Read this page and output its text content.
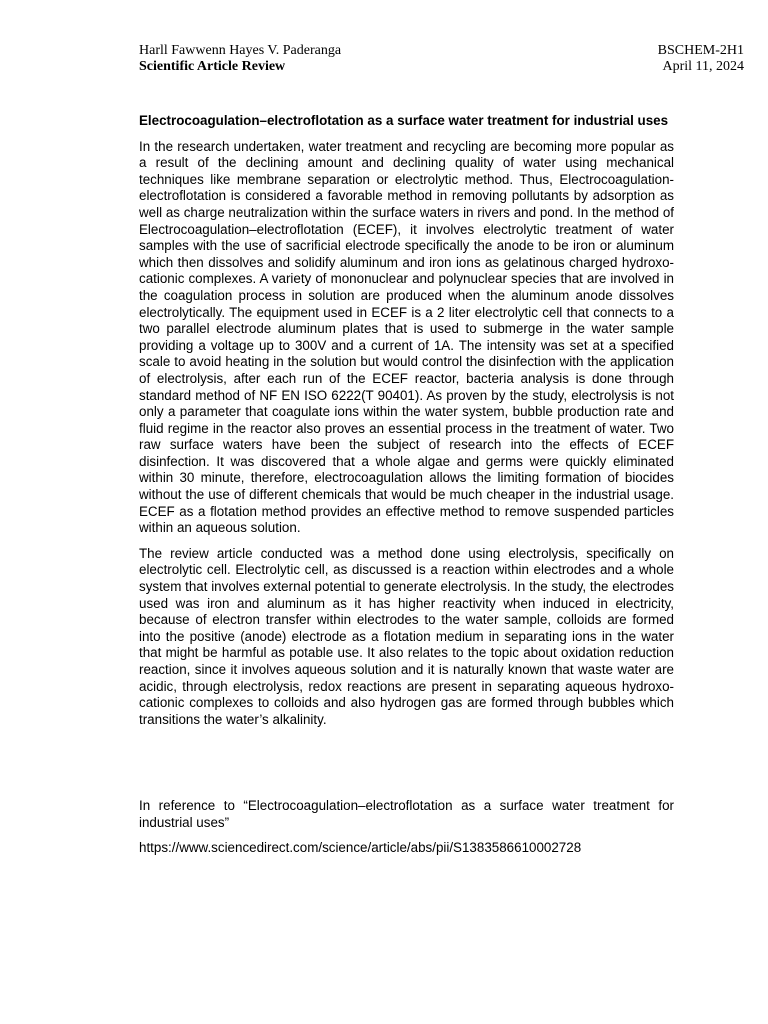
Harll Fawwenn Hayes V. Paderanga	BSCHEM-2H1
Scientific Article Review	April 11, 2024

Electrocoagulation–electroflotation as a surface water treatment for industrial uses

In the research undertaken, water treatment and recycling are becoming more popular as a result of the declining amount and declining quality of water using mechanical techniques like membrane separation or electrolytic method. Thus, Electrocoagulation-electroflotation is considered a favorable method in removing pollutants by adsorption as well as charge neutralization within the surface waters in rivers and pond. In the method of Electrocoagulation–electroflotation (ECEF), it involves electrolytic treatment of water samples with the use of sacrificial electrode specifically the anode to be iron or aluminum which then dissolves and solidify aluminum and iron ions as gelatinous charged hydroxo-cationic complexes. A variety of mononuclear and polynuclear species that are involved in the coagulation process in solution are produced when the aluminum anode dissolves electrolytically. The equipment used in ECEF is a 2 liter electrolytic cell that connects to a two parallel electrode aluminum plates that is used to submerge in the water sample providing a voltage up to 300V and a current of 1A. The intensity was set at a specified scale to avoid heating in the solution but would control the disinfection with the application of electrolysis, after each run of the ECEF reactor, bacteria analysis is done through standard method of NF EN ISO 6222(T 90401). As proven by the study, electrolysis is not only a parameter that coagulate ions within the water system, bubble production rate and fluid regime in the reactor also proves an essential process in the treatment of water. Two raw surface waters have been the subject of research into the effects of ECEF disinfection. It was discovered that a whole algae and germs were quickly eliminated within 30 minute, therefore, electrocoagulation allows the limiting formation of biocides without the use of different chemicals that would be much cheaper in the industrial usage. ECEF as a flotation method provides an effective method to remove suspended particles within an aqueous solution.

The review article conducted was a method done using electrolysis, specifically on electrolytic cell. Electrolytic cell, as discussed is a reaction within electrodes and a whole system that involves external potential to generate electrolysis. In the study, the electrodes used was iron and aluminum as it has higher reactivity when induced in electricity, because of electron transfer within electrodes to the water sample, colloids are formed into the positive (anode) electrode as a flotation medium in separating ions in the water that might be harmful as potable use. It also relates to the topic about oxidation reduction reaction, since it involves aqueous solution and it is naturally known that waste water are acidic, through electrolysis, redox reactions are present in separating aqueous hydroxo-cationic complexes to colloids and also hydrogen gas are formed through bubbles which transitions the water’s alkalinity.

In reference to “Electrocoagulation–electroflotation as a surface water treatment for industrial uses”

https://www.sciencedirect.com/science/article/abs/pii/S1383586610002728
